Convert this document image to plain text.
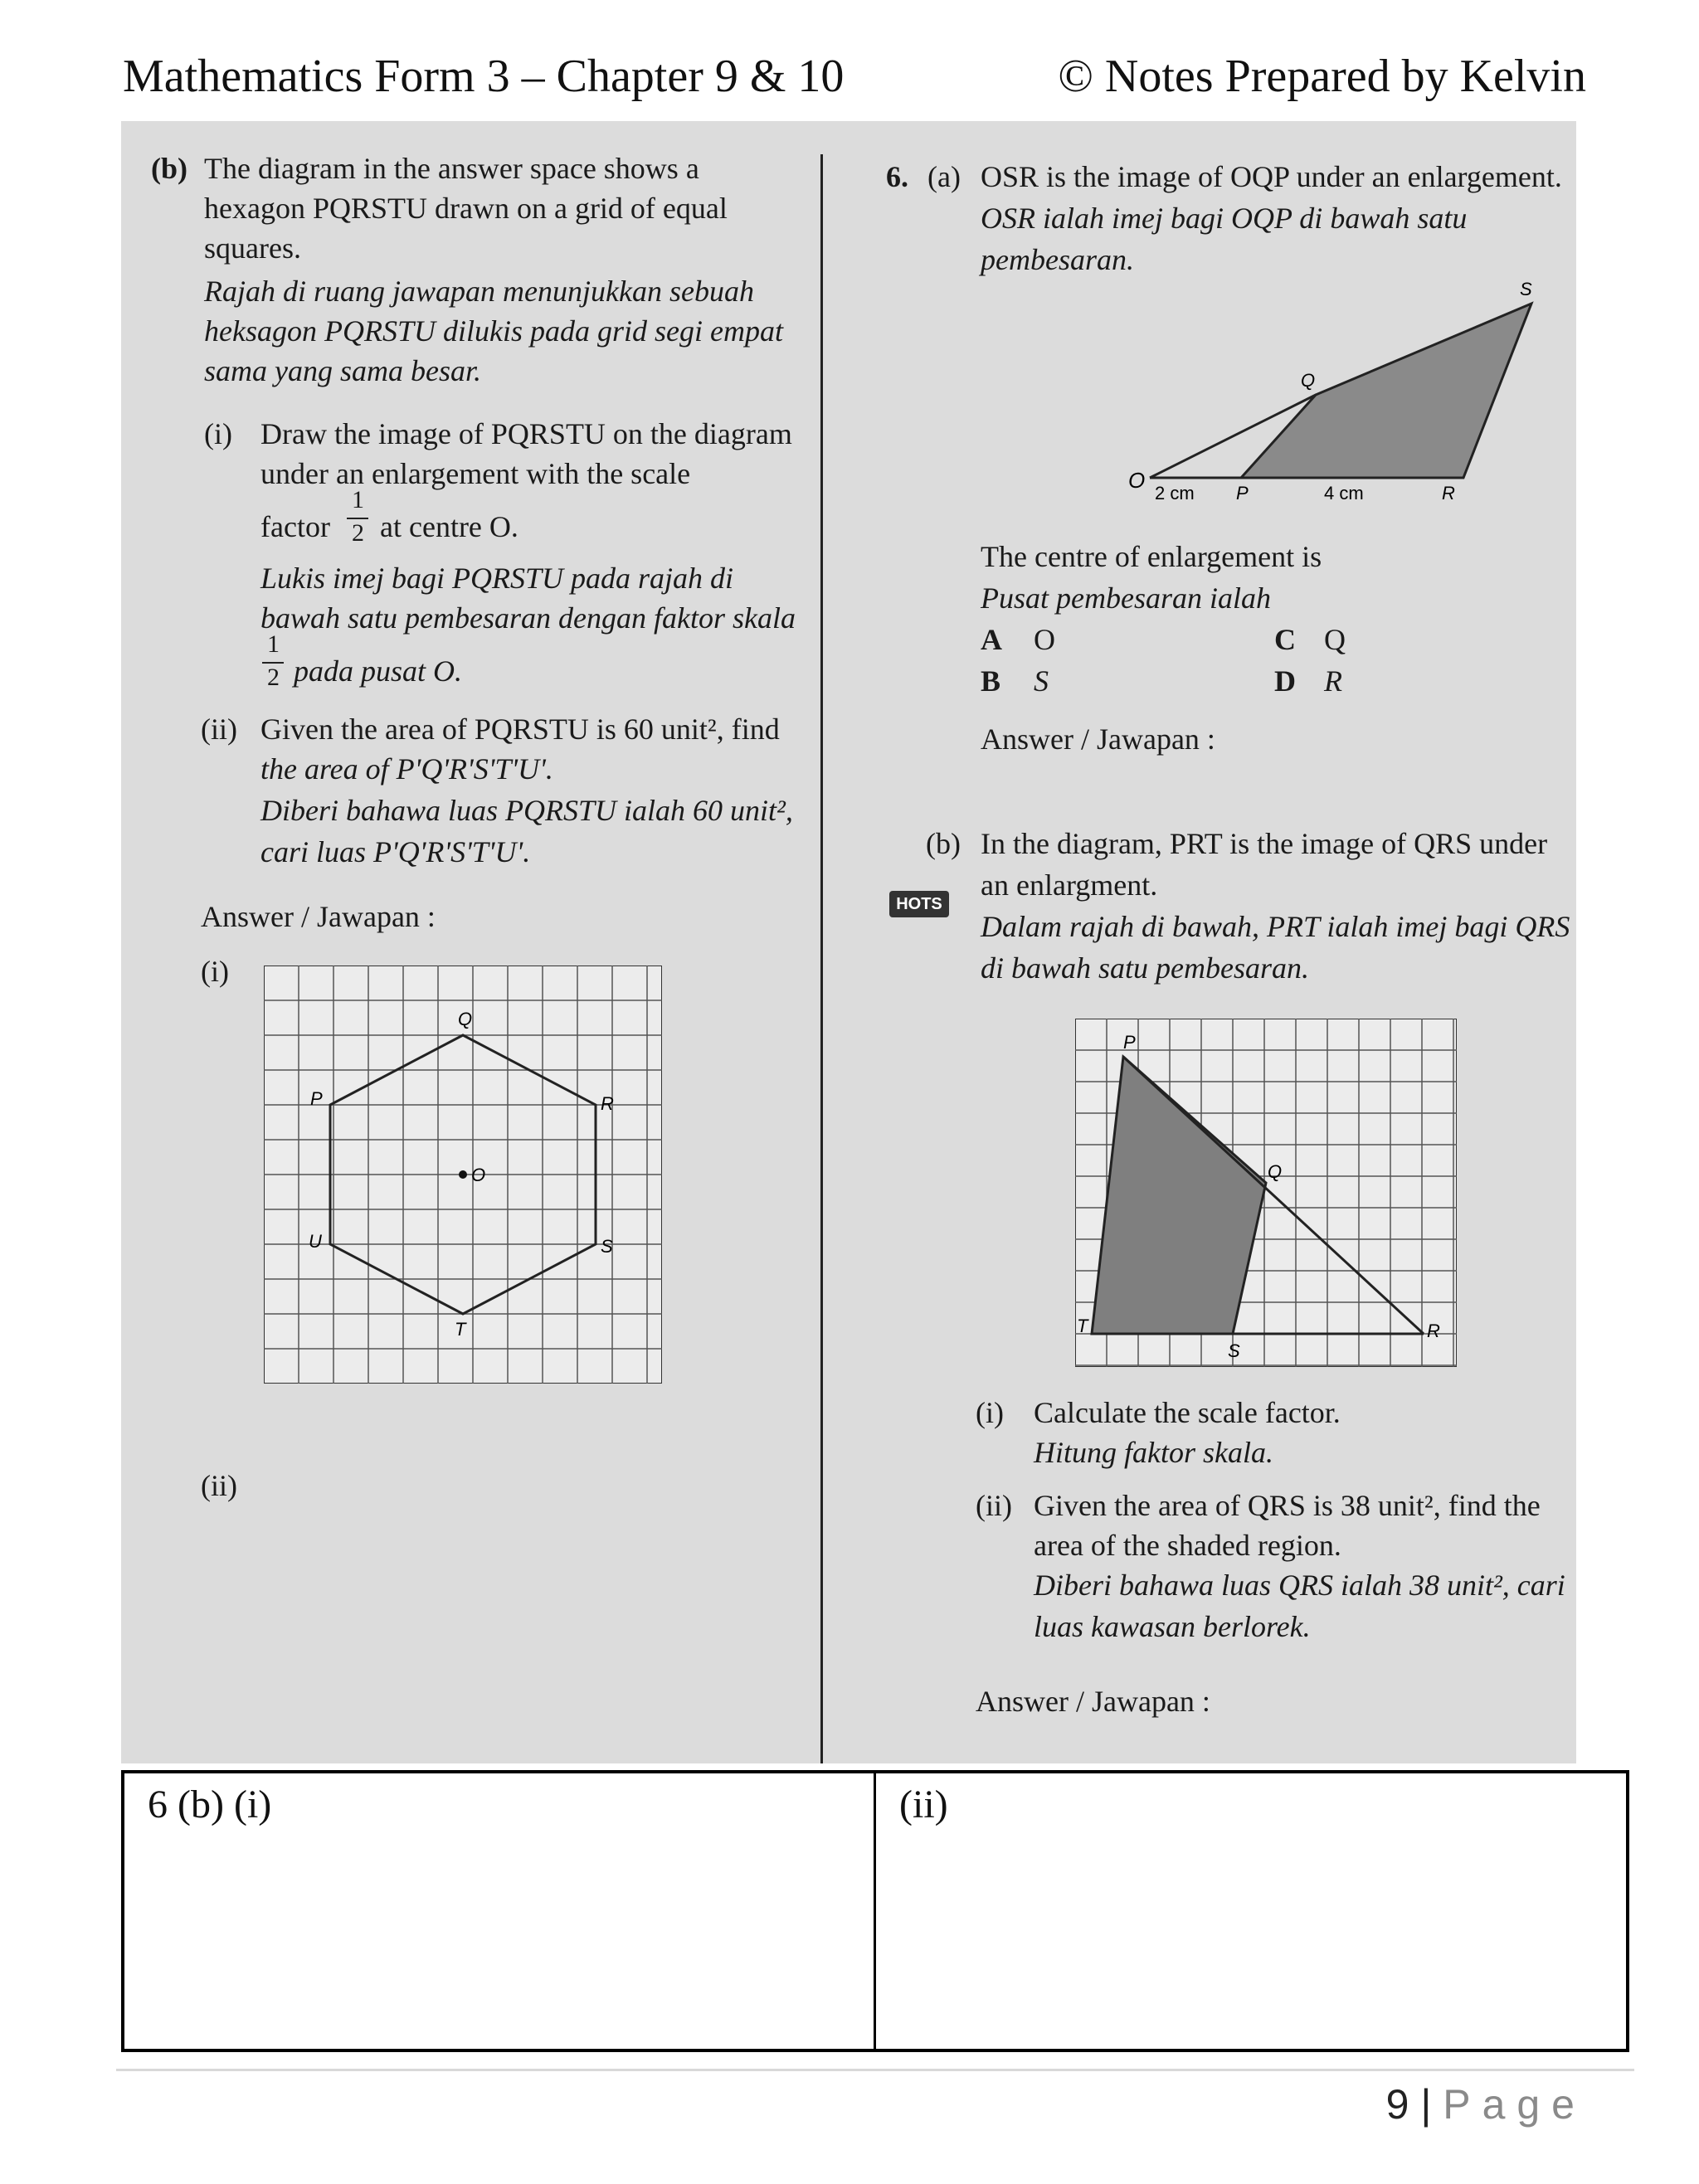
Mathematics Form 3 – Chapter 9 & 10	© Notes Prepared by Kelvin
(b) The diagram in the answer space shows a
hexagon PQRSTU drawn on a grid of equal
squares.
Rajah di ruang jawapan menunjukkan sebuah
heksagon PQRSTU dilukis pada grid segi empat
sama yang sama besar.
(i) Draw the image of PQRSTU on the diagram
under an enlargement with the scale
factor
1
2 at centre O.
Lukis imej bagi PQRSTU pada rajah di
bawah satu pembesaran dengan faktor skala
1
2 pada pusat O.
(ii) Given the area of PQRSTU is 60 unit², find
the area of P'Q'R'S'T'U'.
Diberi bahawa luas PQRSTU ialah 60 unit²,
cari luas P'Q'R'S'T'U'.
Answer / Jawapan :
(i)
(ii)
Q
P	R
O
S
U
T
6. (a) OSR is the image of OQP under an enlargement.
OSR ialah imej bagi OQP di bawah satu
pembesaran.
O
2 cm P	4 cm	R
Q
S
The centre of enlargement is
Pusat pembesaran ialah
A O
B S
C Q
D R
Answer / Jawapan :
(b) In the diagram, PRT is the image of QRS under
an enlargment.
HOTS
Dalam rajah di bawah, PRT ialah imej bagi QRS
di bawah satu pembesaran.
P
Q
R
S
T
(i) Calculate the scale factor.
Hitung faktor skala.
(ii) Given the area of QRS is 38 unit², find the
area of the shaded region.
Diberi bahawa luas QRS ialah 38 unit², cari
luas kawasan berlorek.
Answer / Jawapan :
6 (b) (i)	(ii)
9 | Page
